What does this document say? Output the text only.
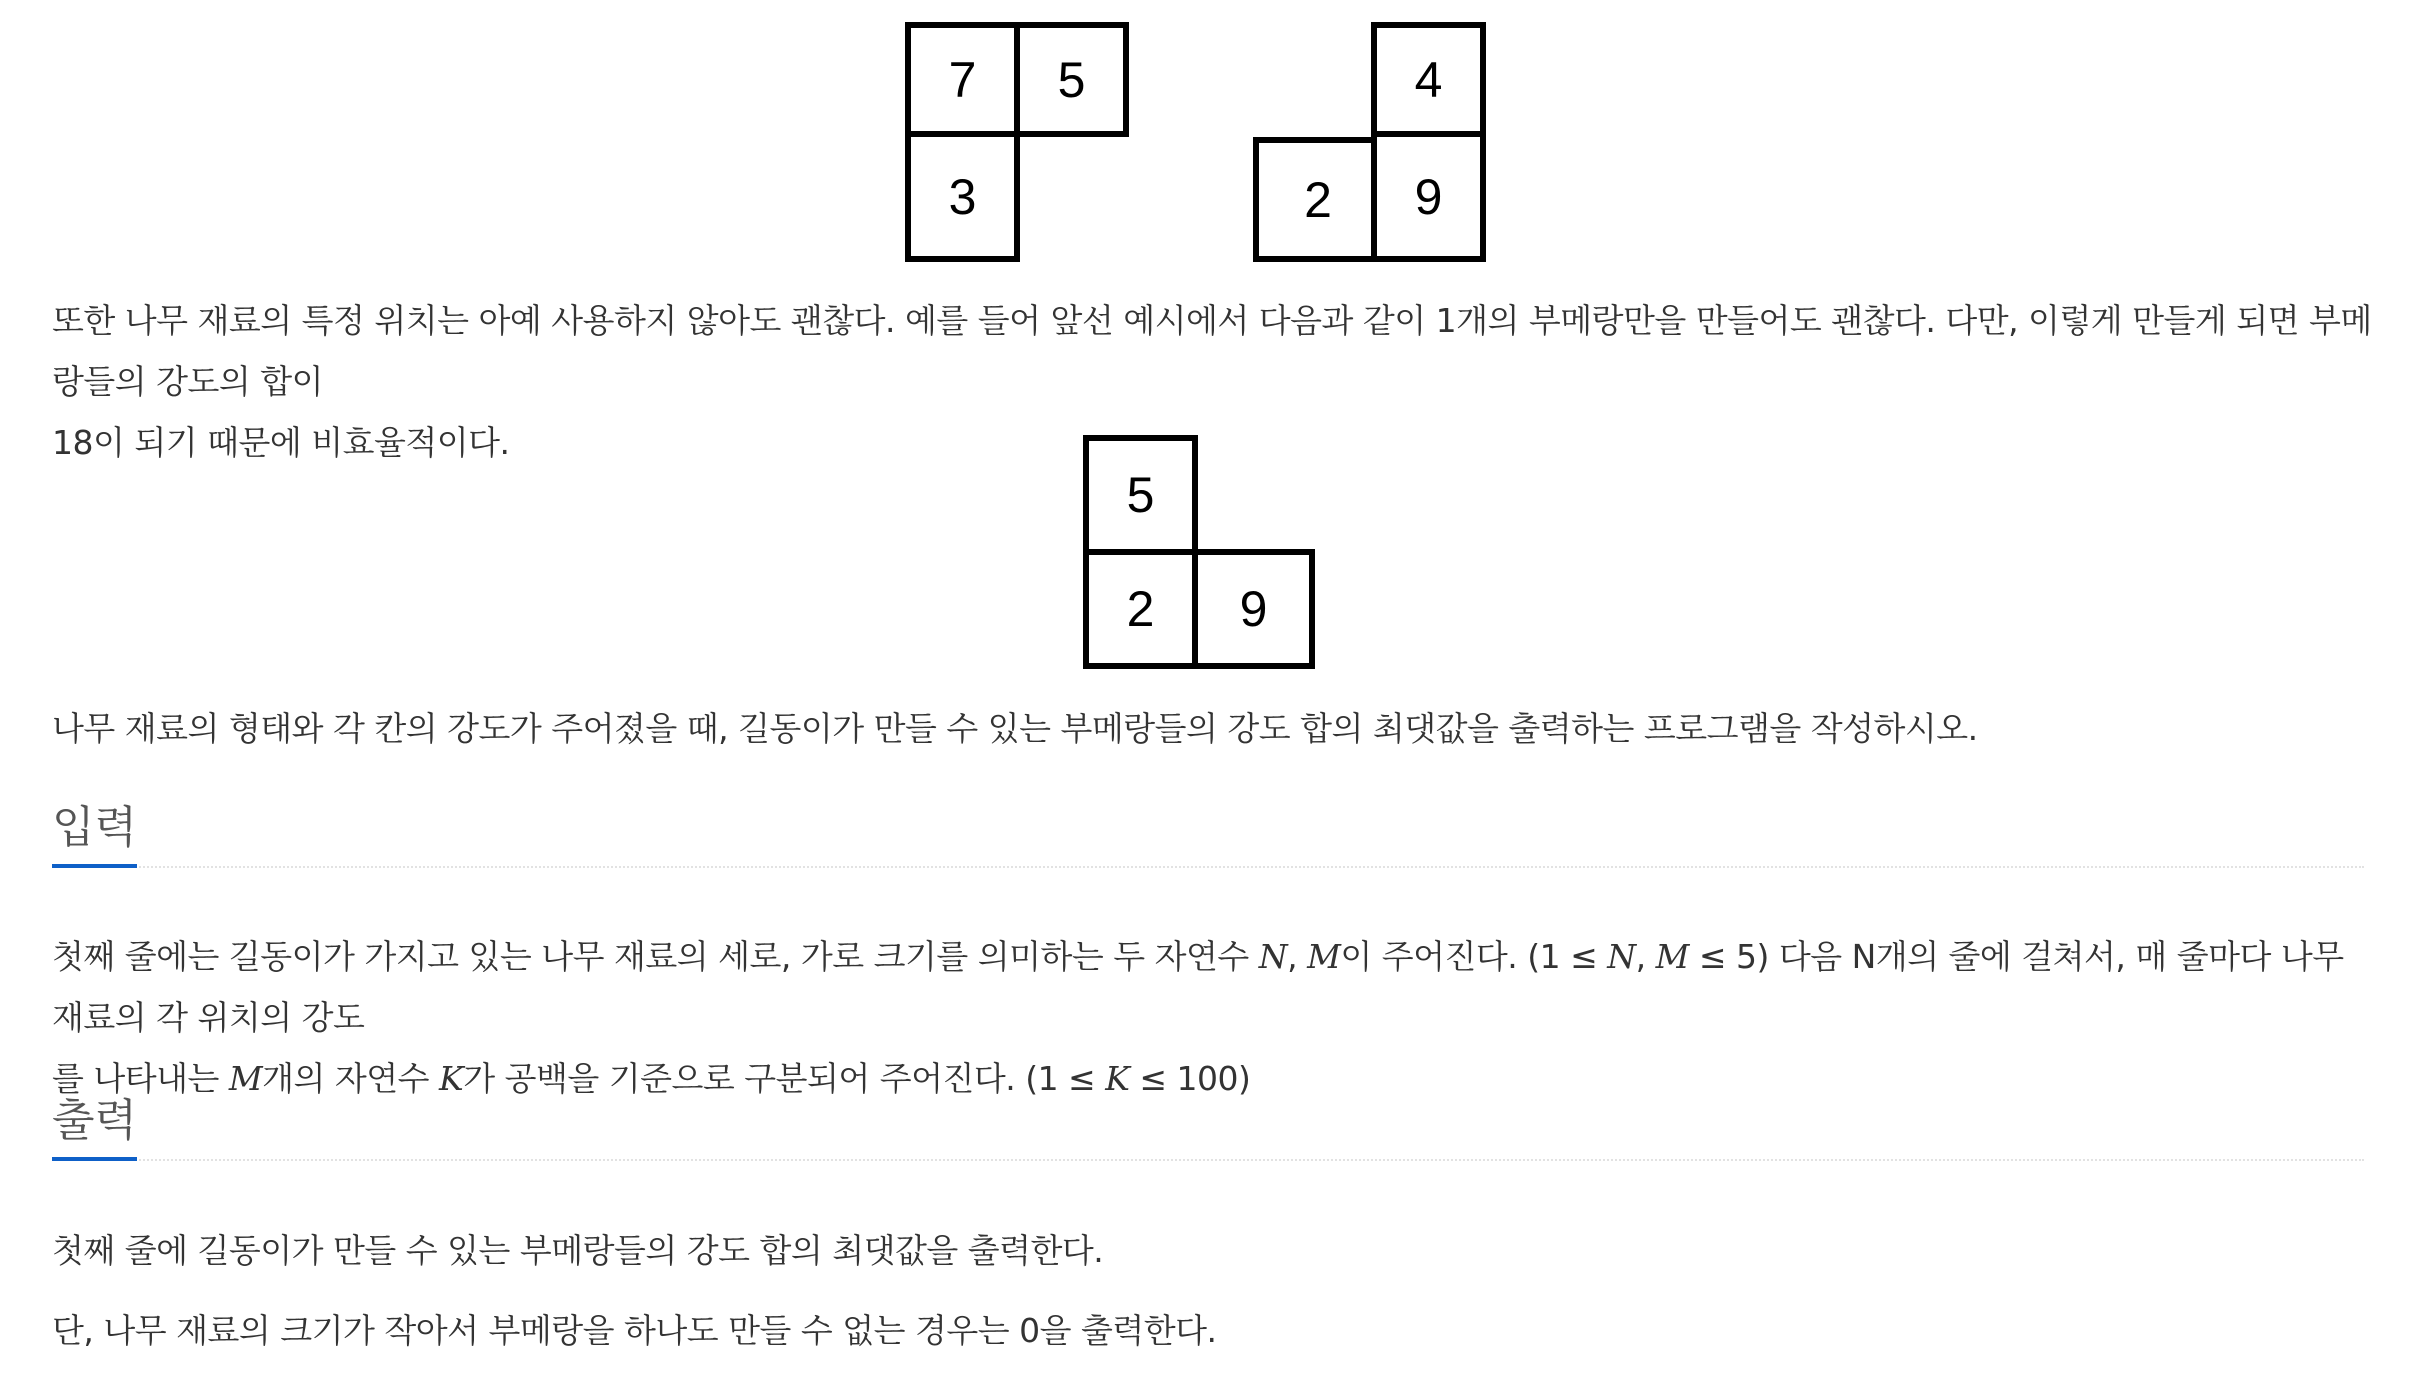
7	5
3
4
2	9

또한 나무 재료의 특정 위치는 아예 사용하지 않아도 괜찮다. 예를 들어 앞선 예시에서 다음과 같이 1개의 부메랑만을 만들어도 괜찮다. 다만, 이렇게 만들게 되면 부메랑들의 강도의 합이
18이 되기 때문에 비효율적이다.

5
2	9

나무 재료의 형태와 각 칸의 강도가 주어졌을 때, 길동이가 만들 수 있는 부메랑들의 강도 합의 최댓값을 출력하는 프로그램을 작성하시오.

입력

첫째 줄에는 길동이가 가지고 있는 나무 재료의 세로, 가로 크기를 의미하는 두 자연수 N, M이 주어진다. (1 ≤ N, M ≤ 5) 다음 N개의 줄에 걸쳐서, 매 줄마다 나무 재료의 각 위치의 강도
를 나타내는 M개의 자연수 K가 공백을 기준으로 구분되어 주어진다. (1 ≤ K ≤ 100)

출력

첫째 줄에 길동이가 만들 수 있는 부메랑들의 강도 합의 최댓값을 출력한다.

단, 나무 재료의 크기가 작아서 부메랑을 하나도 만들 수 없는 경우는 0을 출력한다.
